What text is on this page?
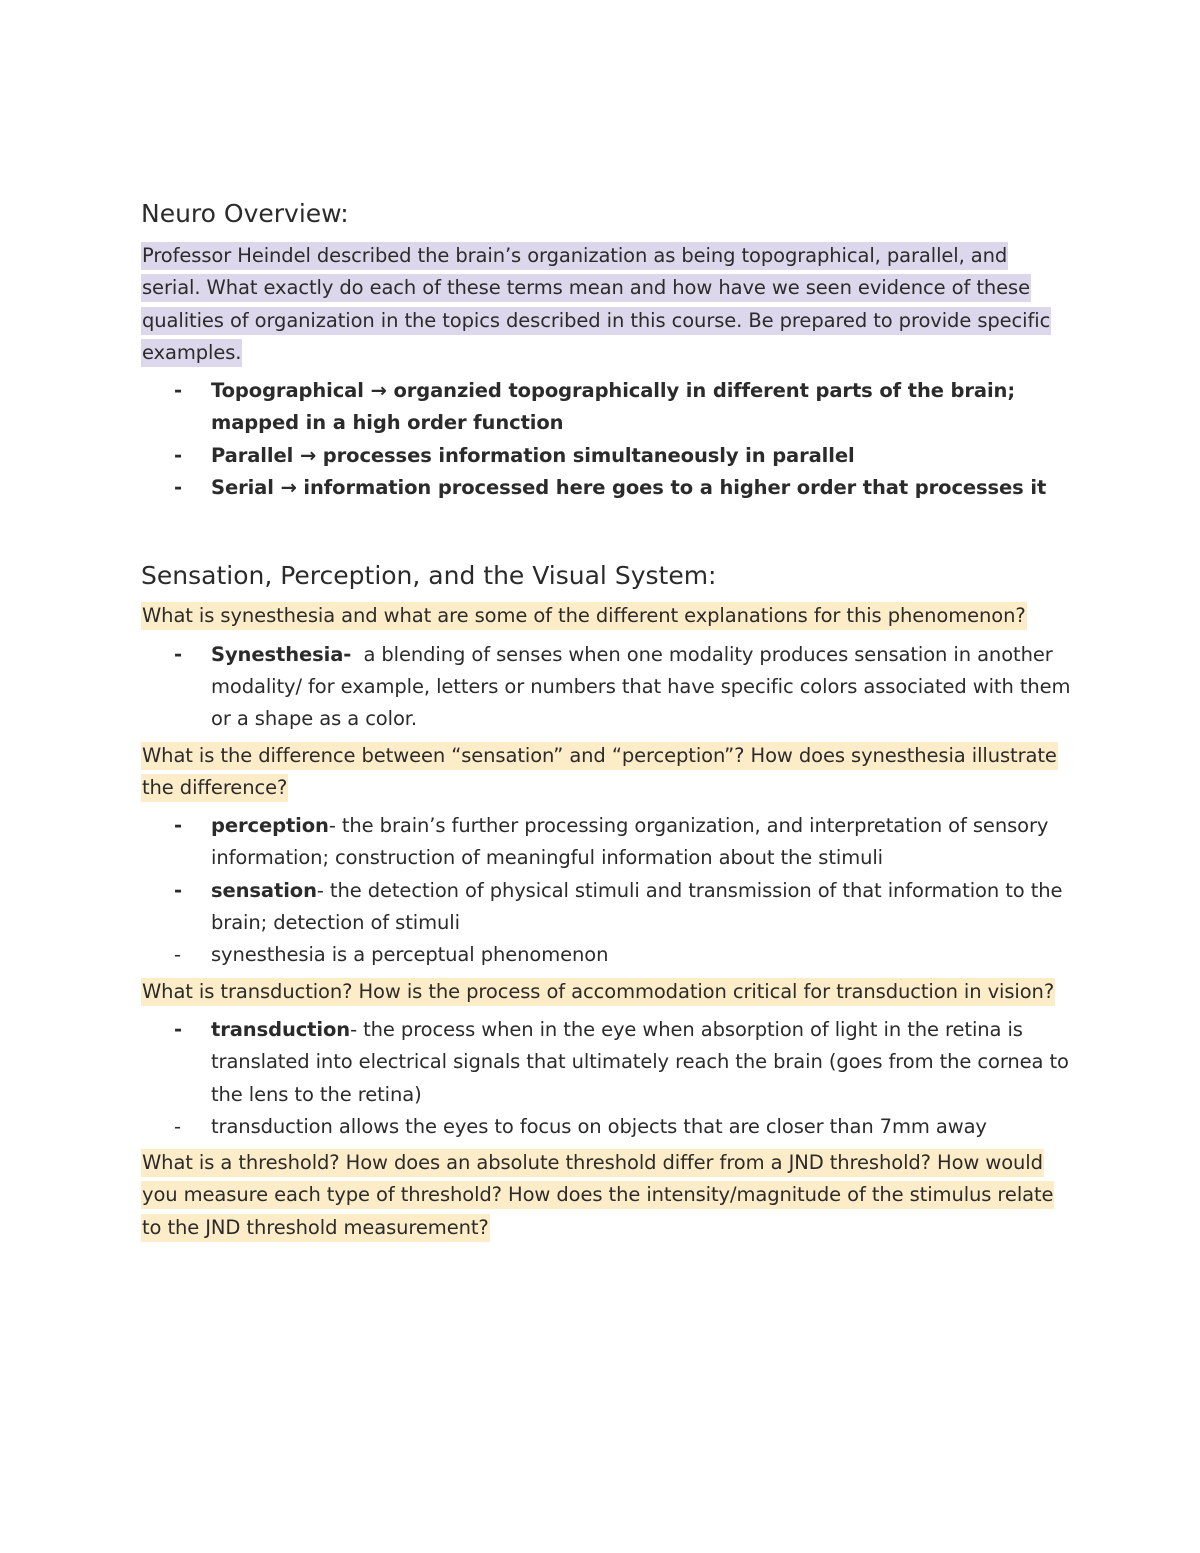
Neuro Overview:

Professor Heindel described the brain’s organization as being topographical, parallel, and serial. What exactly do each of these terms mean and how have we seen evidence of these qualities of organization in the topics described in this course. Be prepared to provide specific examples.

- Topographical → organzied topographically in different parts of the brain; mapped in a high order function
- Parallel → processes information simultaneously in parallel
- Serial → information processed here goes to a higher order that processes it
Sensation, Perception, and the Visual System:

What is synesthesia and what are some of the different explanations for this phenomenon?

- Synesthesia-  a blending of senses when one modality produces sensation in another modality/ for example, letters or numbers that have specific colors associated with them or a shape as a color.

What is the difference between “sensation” and “perception”? How does synesthesia illustrate the difference?

- perception- the brain’s further processing organization, and interpretation of sensory information; construction of meaningful information about the stimuli
- sensation- the detection of physical stimuli and transmission of that information to the brain; detection of stimuli
- synesthesia is a perceptual phenomenon

What is transduction? How is the process of accommodation critical for transduction in vision?

- transduction- the process when in the eye when absorption of light in the retina is translated into electrical signals that ultimately reach the brain (goes from the cornea to the lens to the retina)
- transduction allows the eyes to focus on objects that are closer than 7mm away

What is a threshold? How does an absolute threshold differ from a JND threshold? How would you measure each type of threshold? How does the intensity/magnitude of the stimulus relate to the JND threshold measurement?
